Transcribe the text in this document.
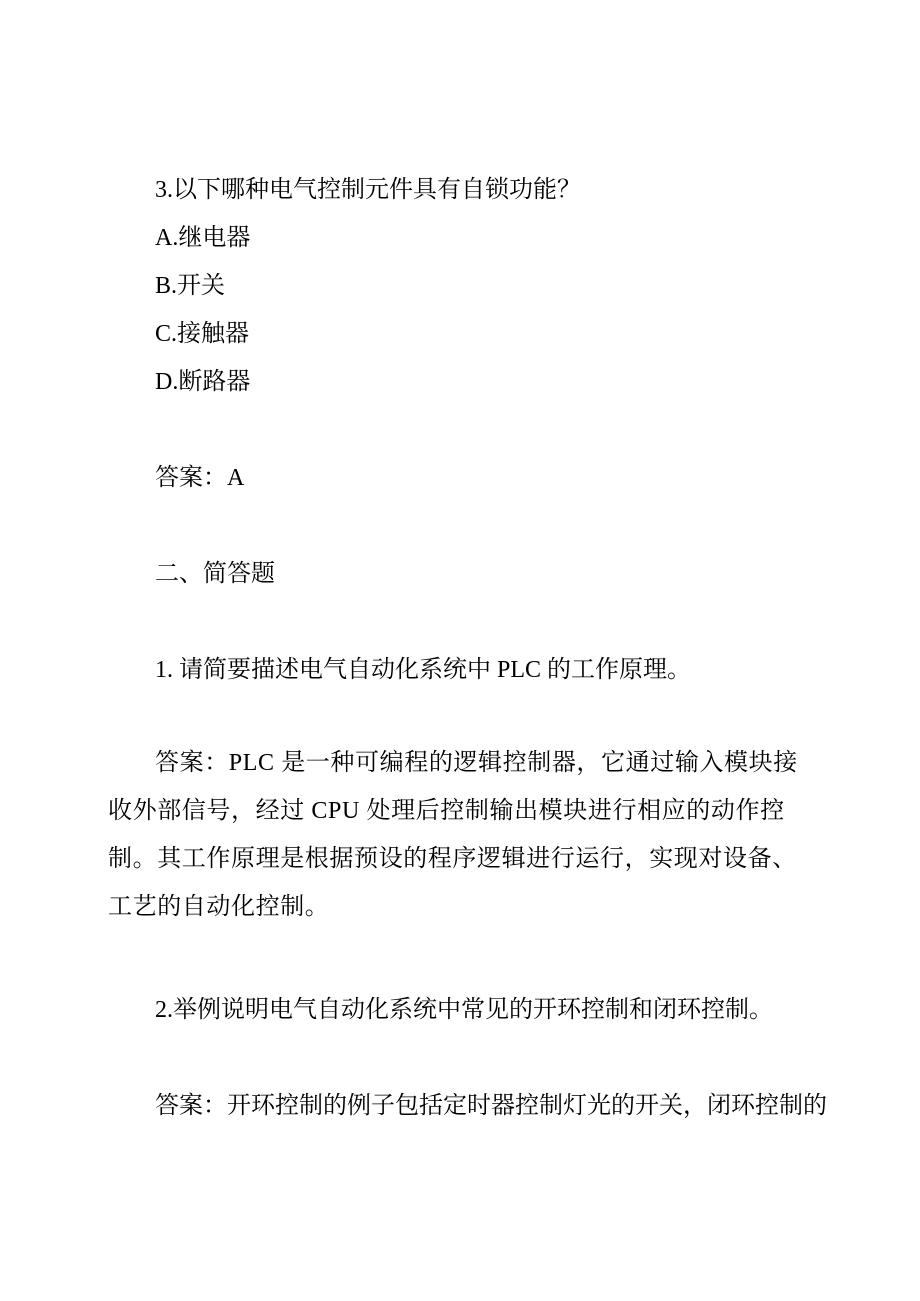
3.以下哪种电气控制元件具有自锁功能？

A.继电器

B.开关

C.接触器

D.断路器

答案：A

二、简答题

1. 请简要描述电气自动化系统中 PLC 的工作原理。

答案：PLC 是一种可编程的逻辑控制器，它通过输入模块接收外部信号，经过 CPU 处理后控制输出模块进行相应的动作控制。其工作原理是根据预设的程序逻辑进行运行，实现对设备、工艺的自动化控制。

2.举例说明电气自动化系统中常见的开环控制和闭环控制。

答案：开环控制的例子包括定时器控制灯光的开关，闭环控制的
